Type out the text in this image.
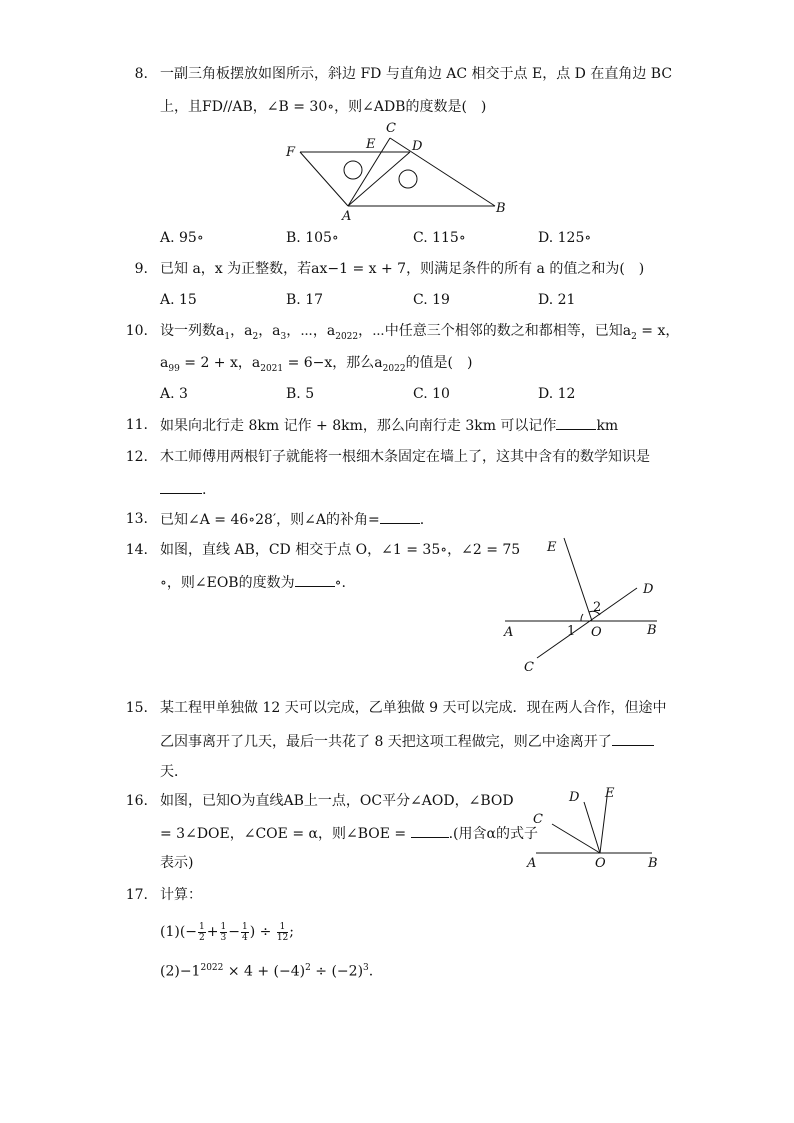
8. 一副三角板摆放如图所示，斜边 FD 与直角边 AC 相交于点 E，点 D 在直角边 BC
上，且FD//AB，∠B = 30∘，则∠ADB的度数是(　)
F
E
C
D
A
B
A. 95∘	B. 105∘	C. 115∘	D. 125∘
9. 已知 a，x 为正整数，若ax−1 = x + 7，则满足条件的所有 a 的值之和为(　)
A. 15	B. 17	C. 19	D. 21
10. 设一列数$a_1$，$a_2$，$a_3$，⋯，$a_{2022}$，⋯中任意三个相邻的数之和都相等，已知$a_2 = x$，
$a_{99} = 2 + x$，$a_{2021} = 6-x$，那么$a_{2022}$的值是(　)
A. 3	B. 5	C. 10	D. 12
11. 如果向北行走 8km 记作 + 8km，那么向南行走 3km 可以记作	km
12. 木工师傅用两根钉子就能将一根细木条固定在墙上了，这其中含有的数学知识是
.
13. 已知∠A = 46∘28′，则∠A的补角=	.
14. 如图，直线 AB，CD 相交于点 O，∠1 = 35∘，∠2 = 75
∘，则∠EOB的度数为	∘.
E
D
2
A	1 O	B
C
15. 某工程甲单独做 12 天可以完成，乙单独做 9 天可以完成．现在两人合作，但途中
乙因事离开了几天，最后一共花了 8 天把这项工程做完，则乙中途离开了
天．
16. 如图，已知O为直线AB上一点，OC平分∠AOD，∠BOD
= 3∠DOE，∠COE = α，则∠BOE =	.(用含α的式子
表示)
D E
C
A	O	B
17. 计算：
$(1)(- \frac{1}{2} + \frac{1}{3} - \frac{1}{4}$ ) ÷ $\frac{1}{12}$ ;
$(2)-1^{2022} \times 4 + (-4)^2 \div (-2)^3$.
